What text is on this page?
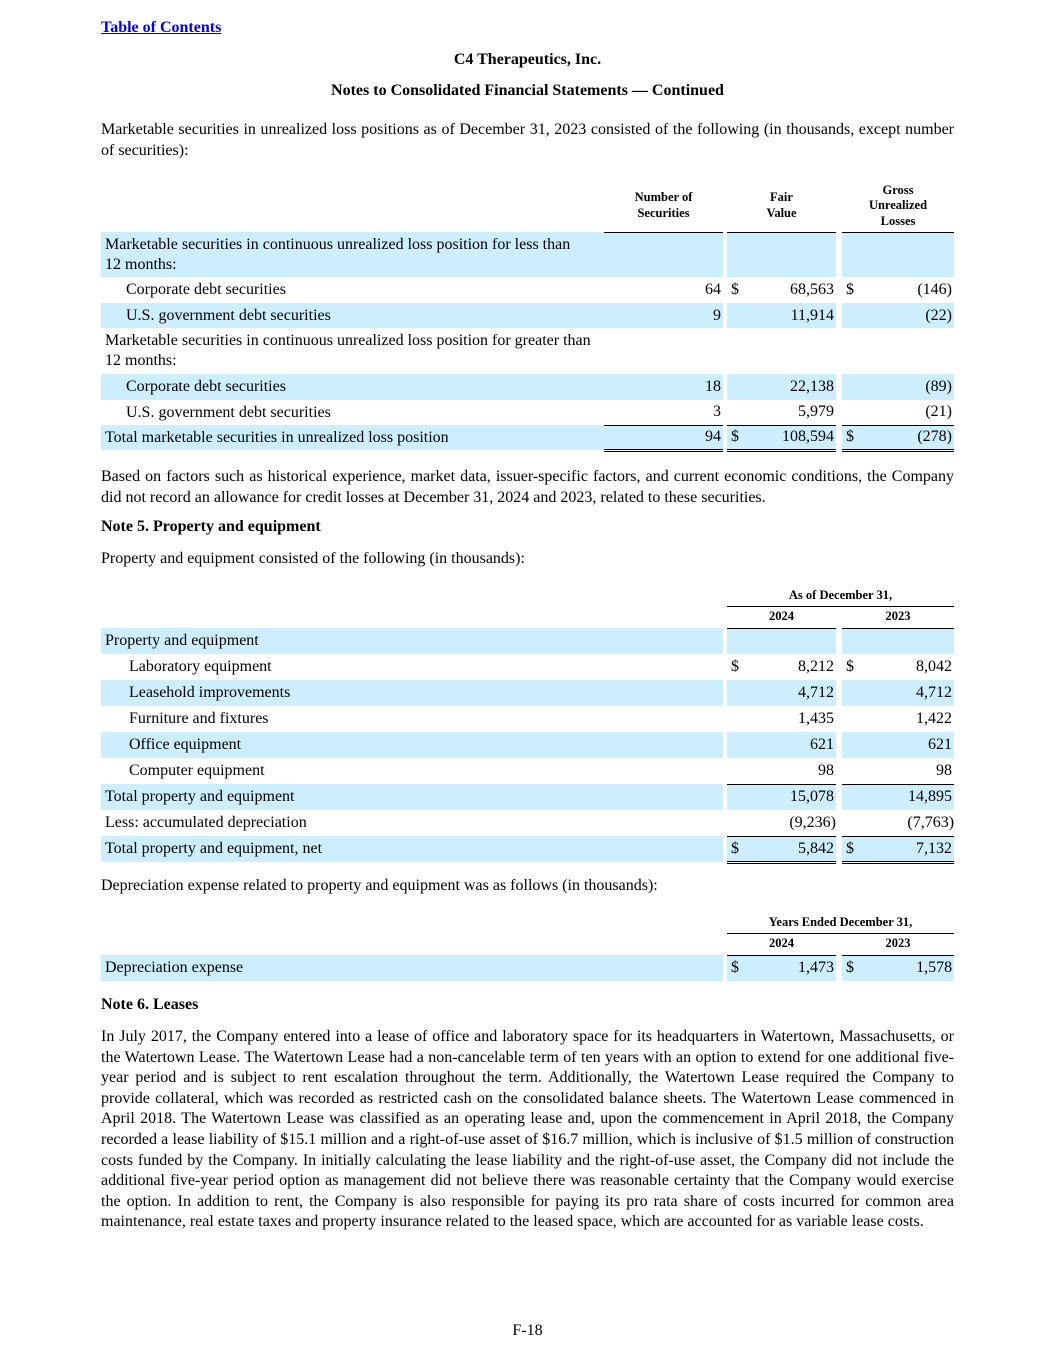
Table of Contents
C4 Therapeutics, Inc.
Notes to Consolidated Financial Statements — Continued
Marketable securities in unrealized loss positions as of December 31, 2023 consisted of the following (in thousands, except number of securities):

	Number of Securities		Fair Value			Gross Unrealized Losses	

Marketable securities in continuous unrealized loss position for less than 12 months:							
Corporate debt securities	64		$	68,563		$	(146)
U.S. government debt securities	9			11,914			(22)
Marketable securities in continuous unrealized loss position for greater than 12 months:							
Corporate debt securities	18			22,138			(89)
U.S. government debt securities	3			5,979			(21)
Total marketable securities in unrealized loss position	94		$	108,594		$	(278)
Based on factors such as historical experience, market data, issuer-specific factors, and current economic conditions, the Company did not record an allowance for credit losses at December 31, 2024 and 2023, related to these securities.
Note 5. Property and equipment
Property and equipment consisted of the following (in thousands):
		As of December 31,				
		2024			2023	
Property and equipment						
Laboratory equipment		$	8,212		$	8,042
Leasehold improvements			4,712			4,712
Furniture and fixtures			1,435			1,422
Office equipment			621			621
Computer equipment			98			98
Total property and equipment			15,078			14,895
Less: accumulated depreciation			(9,236)			(7,763)
Total property and equipment, net		$	5,842		$	7,132
Depreciation expense related to property and equipment was as follows (in thousands):
		Years Ended December 31,				
		2024			2023	
Depreciation expense		$	1,473		$	1,578
Note 6. Leases
In July 2017, the Company entered into a lease of office and laboratory space for its headquarters in Watertown, Massachusetts, or the Watertown Lease. The Watertown Lease had a non-cancelable term of ten years with an option to extend for one additional five-year period and is subject to rent escalation throughout the term. Additionally, the Watertown Lease required the Company to provide collateral, which was recorded as restricted cash on the consolidated balance sheets. The Watertown Lease commenced in April 2018. The Watertown Lease was classified as an operating lease and, upon the commencement in April 2018, the Company recorded a lease liability of $15.1 million and a right-of-use asset of $16.7 million, which is inclusive of $1.5 million of construction costs funded by the Company. In initially calculating the lease liability and the right-of-use asset, the Company did not include the additional five-year period option as management did not believe there was reasonable certainty that the Company would exercise the option. In addition to rent, the Company is also responsible for paying its pro rata share of costs incurred for common area maintenance, real estate taxes and property insurance related to the leased space, which are accounted for as variable lease costs.
F-18
